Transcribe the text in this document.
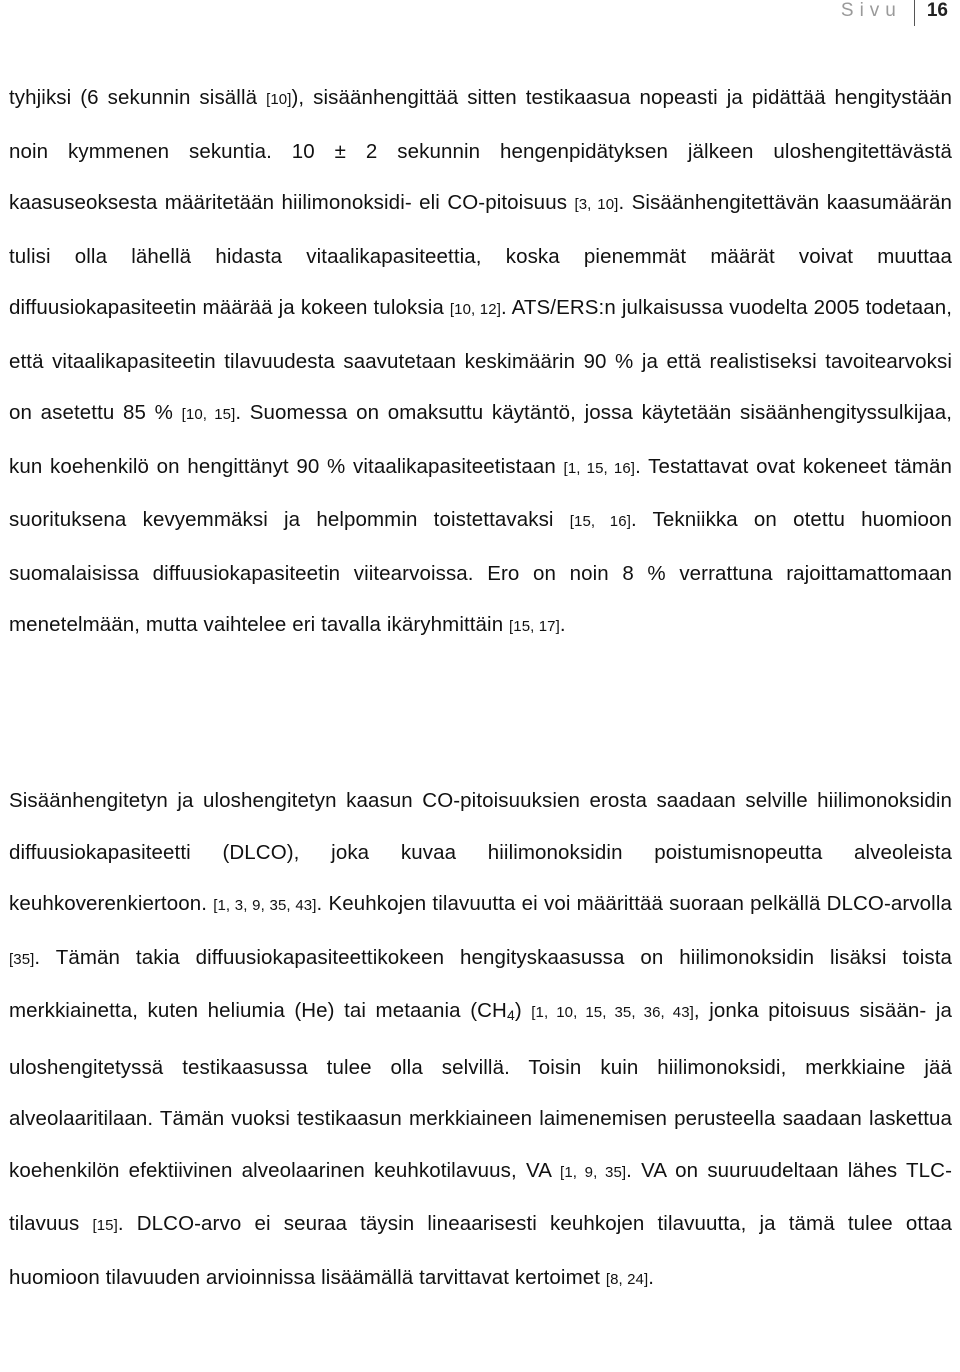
Sivu 16

tyhjiksi (6 sekunnin sisällä [10]), sisäänhengittää sitten testikaasua nopeasti ja pidättää hengitystään noin kymmenen sekuntia. 10 ± 2 sekunnin hengenpidätyksen jälkeen uloshengitettävästä kaasuseoksesta määritetään hiilimonoksidi- eli CO-pitoisuus [3, 10]. Sisäänhengitettävän kaasumäärän tulisi olla lähellä hidasta vitaalikapasiteettia, koska pienemmät määrät voivat muuttaa diffuusiokapasiteetin määrää ja kokeen tuloksia [10, 12]. ATS/ERS:n julkaisussa vuodelta 2005 todetaan, että vitaalikapasiteetin tilavuudesta saavutetaan keskimäärin 90 % ja että realistiseksi tavoitearvoksi on asetettu 85 % [10, 15]. Suomessa on omaksuttu käytäntö, jossa käytetään sisäänhengityssulkijaa, kun koehenkilö on hengittänyt 90 % vitaalikapasiteetistaan [1, 15, 16]. Testattavat ovat kokeneet tämän suorituksena kevyemmäksi ja helpommin toistettavaksi [15, 16]. Tekniikka on otettu huomioon suomalaisissa diffuusiokapasiteetin viitearvoissa. Ero on noin 8 % verrattuna rajoittamattomaan menetelmään, mutta vaihtelee eri tavalla ikäryhmittäin [15, 17].

Sisäänhengitetyn ja uloshengitetyn kaasun CO-pitoisuuksien erosta saadaan selville hiilimonoksidin diffuusiokapasiteetti (DLCO), joka kuvaa hiilimonoksidin poistumisnopeutta alveoleista keuhkoverenkiertoon. [1, 3, 9, 35, 43]. Keuhkojen tilavuutta ei voi määrittää suoraan pelkällä DLCO-arvolla [35]. Tämän takia diffuusiokapasiteettikokeen hengityskaasussa on hiilimonoksidin lisäksi toista merkkiainetta, kuten heliumia (He) tai metaania $(CH_4)$ [1, 10, 15, 35, 36, 43], jonka pitoisuus sisään- ja uloshengitetyssä testikaasussa tulee olla selvillä. Toisin kuin hiilimonoksidi, merkkiaine jää alveolaaritilaan. Tämän vuoksi testikaasun merkkiaineen laimenemisen perusteella saadaan laskettua koehenkilön efektiivinen alveolaarinen keuhkotilavuus, VA [1, 9, 35]. VA on suuruudeltaan lähes TLC-tilavuus [15]. DLCO-arvo ei seuraa täysin lineaarisesti keuhkojen tilavuutta, ja tämä tulee ottaa huomioon tilavuuden arvioinnissa lisäämällä tarvittavat kertoimet [8, 24].
